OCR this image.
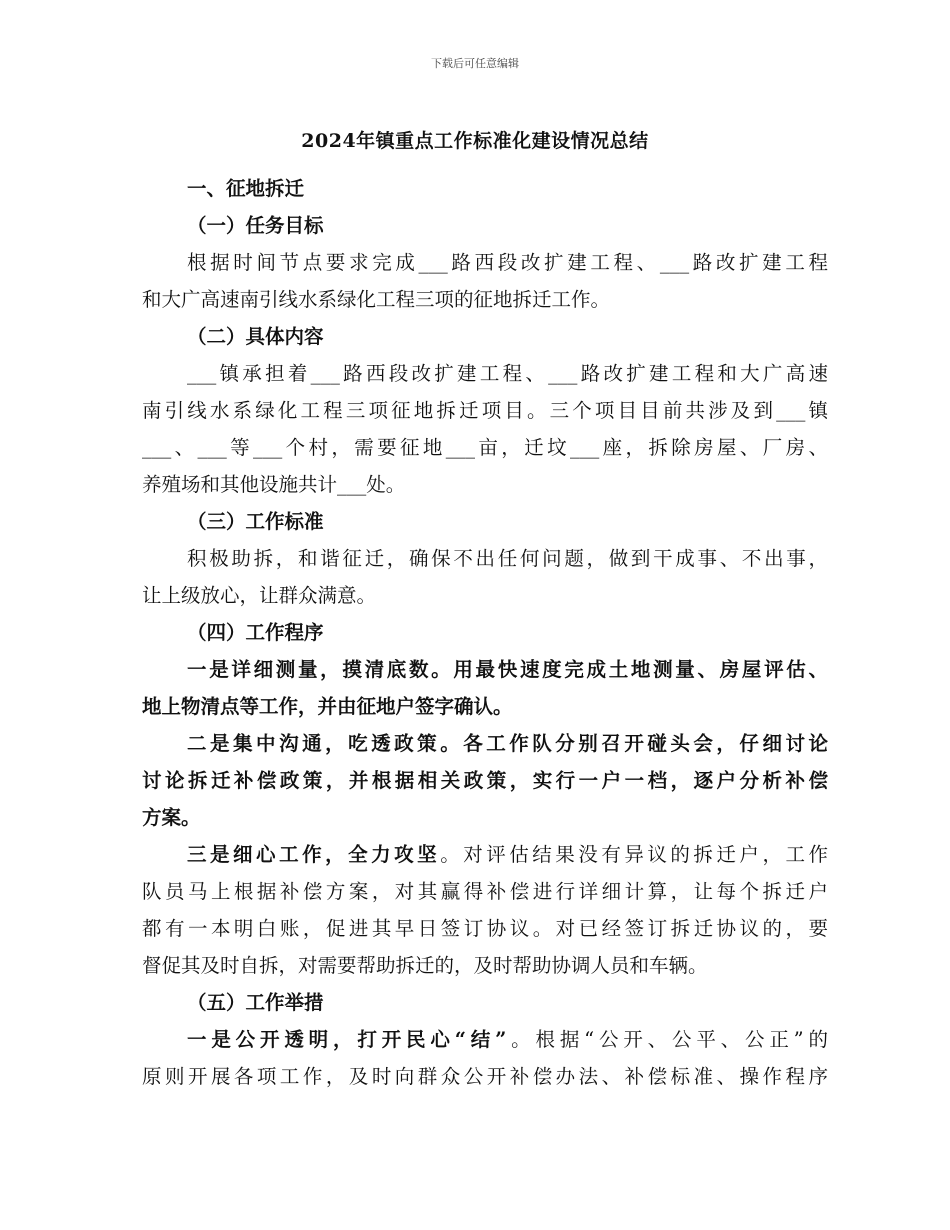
下载后可任意编辑
2024年镇重点工作标准化建设情况总结

一、征地拆迁

（一）任务目标

根据时间节点要求完成___路西段改扩建工程、___路改扩建工程
和大广高速南引线水系绿化工程三项的征地拆迁工作。

（二）具体内容

___镇承担着___路西段改扩建工程、___路改扩建工程和大广高速
南引线水系绿化工程三项征地拆迁项目。三个项目目前共涉及到___镇
___、___等___个村，需要征地___亩，迁坟___座，拆除房屋、厂房、
养殖场和其他设施共计___处。

（三）工作标准

积极助拆，和谐征迁，确保不出任何问题，做到干成事、不出事，
让上级放心，让群众满意。

（四）工作程序

一是详细测量，摸清底数。用最快速度完成土地测量、房屋评估、
地上物清点等工作，并由征地户签字确认。

二是集中沟通，吃透政策。各工作队分别召开碰头会，仔细讨论
讨论拆迁补偿政策，并根据相关政策，实行一户一档，逐户分析补偿
方案。

三是细心工作，全力攻坚。对评估结果没有异议的拆迁户，工作
队员马上根据补偿方案，对其赢得补偿进行详细计算，让每个拆迁户
都有一本明白账，促进其早日签订协议。对已经签订拆迁协议的，要
督促其及时自拆，对需要帮助拆迁的，及时帮助协调人员和车辆。

（五）工作举措

一是公开透明，打开民心“结”。根据“公开、公平、公正”的
原则开展各项工作，及时向群众公开补偿办法、补偿标准、操作程序
